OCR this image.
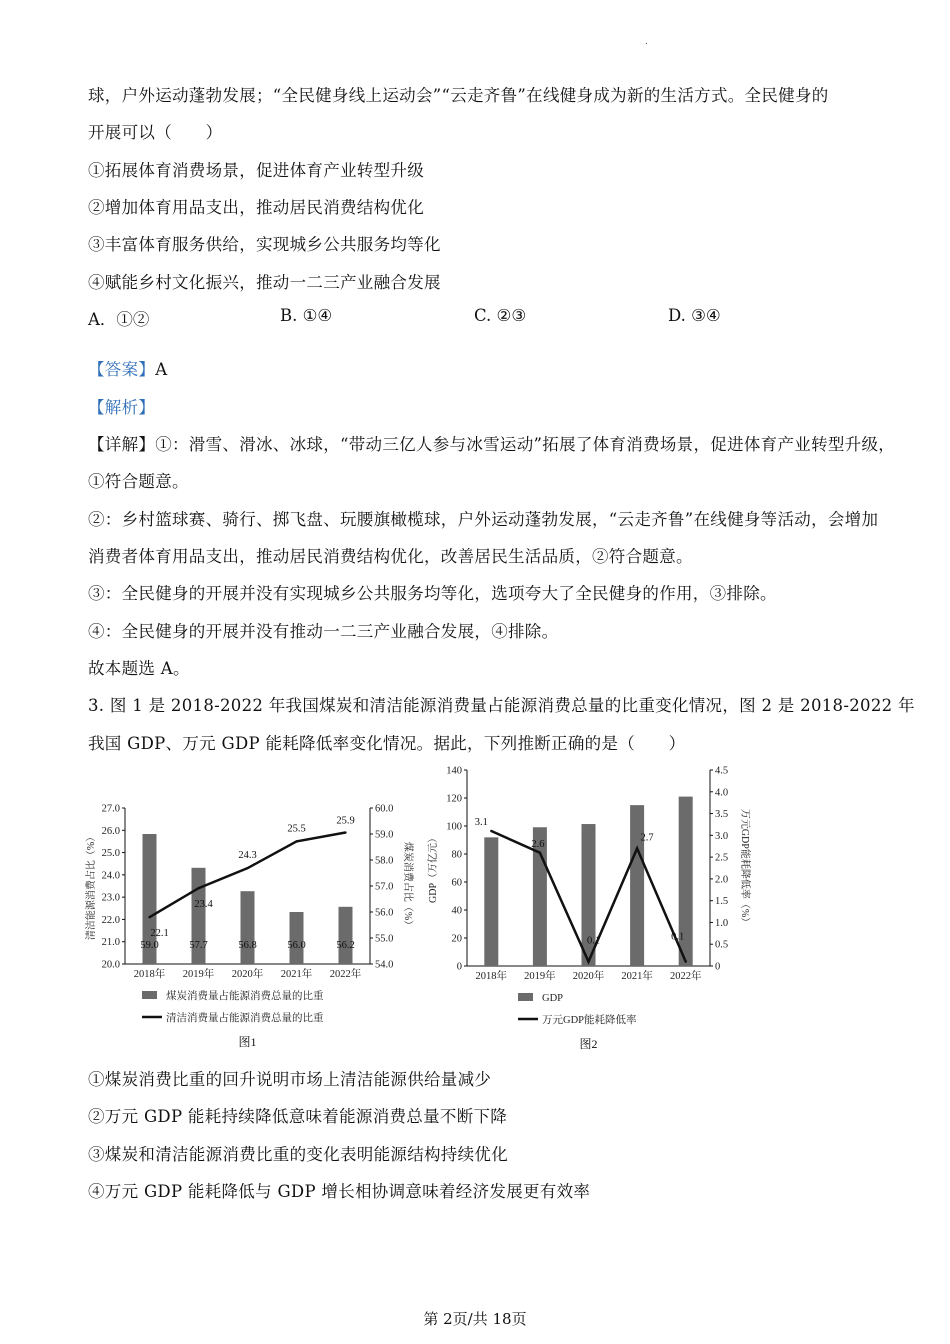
.
球，户外运动蓬勃发展；“全民健身线上运动会”“云走齐鲁”在线健身成为新的生活方式。全民健身的
开展可以（　　）
①拓展体育消费场景，促进体育产业转型升级
②增加体育用品支出，推动居民消费结构优化
③丰富体育服务供给，实现城乡公共服务均等化
④赋能乡村文化振兴，推动一二三产业融合发展
A．①②	B. ①④	C. ②③	D. ③④
【答案】A
【解析】
【详解】①：滑雪、滑冰、冰球，“带动三亿人参与冰雪运动”拓展了体育消费场景，促进体育产业转型升级，
①符合题意。
②：乡村篮球赛、骑行、掷飞盘、玩腰旗橄榄球，户外运动蓬勃发展，“云走齐鲁”在线健身等活动，会增加
消费者体育用品支出，推动居民消费结构优化，改善居民生活品质，②符合题意。
③：全民健身的开展并没有实现城乡公共服务均等化，选项夸大了全民健身的作用，③排除。
④：全民健身的开展并没有推动一二三产业融合发展，④排除。
故本题选 A。
3. 图 1 是 2018-2022 年我国煤炭和清洁能源消费量占能源消费总量的比重变化情况，图 2 是 2018-2022 年
我国 GDP、万元 GDP 能耗降低率变化情况。据此，下列推断正确的是（　　）
20.0
21.0
22.0
23.0
24.0
25.0
26.0
27.0
54.0
55.0
56.0
57.0
58.0
59.0
60.0
2018年 2019年 2020年 2021年 2022年
59.0	57.7	56.8	56.0	56.2
22.1
23.4
24.3
25.5
25.9
清洁能源消费占比（%）	煤炭消费占比（%）
煤炭消费量占能源消费总量的比重
清洁消费量占能源消费总量的比重
图1
0
20
40
60
80
100
120
140
0
0.5
1.0
1.5
2.0
2.5
3.0
3.5
4.0
4.5
2018年 2019年 2020年 2021年 2022年
3.1
2.6
0.1
2.7
0.1
GDP（万亿元）	万元GDP能耗降低率（%）
GDP
万元GDP能耗降低率
图2
①煤炭消费比重的回升说明市场上清洁能源供给量减少
②万元 GDP 能耗持续降低意味着能源消费总量不断下降
③煤炭和清洁能源消费比重的变化表明能源结构持续优化
④万元 GDP 能耗降低与 GDP 增长相协调意味着经济发展更有效率
第 2页/共 18页
